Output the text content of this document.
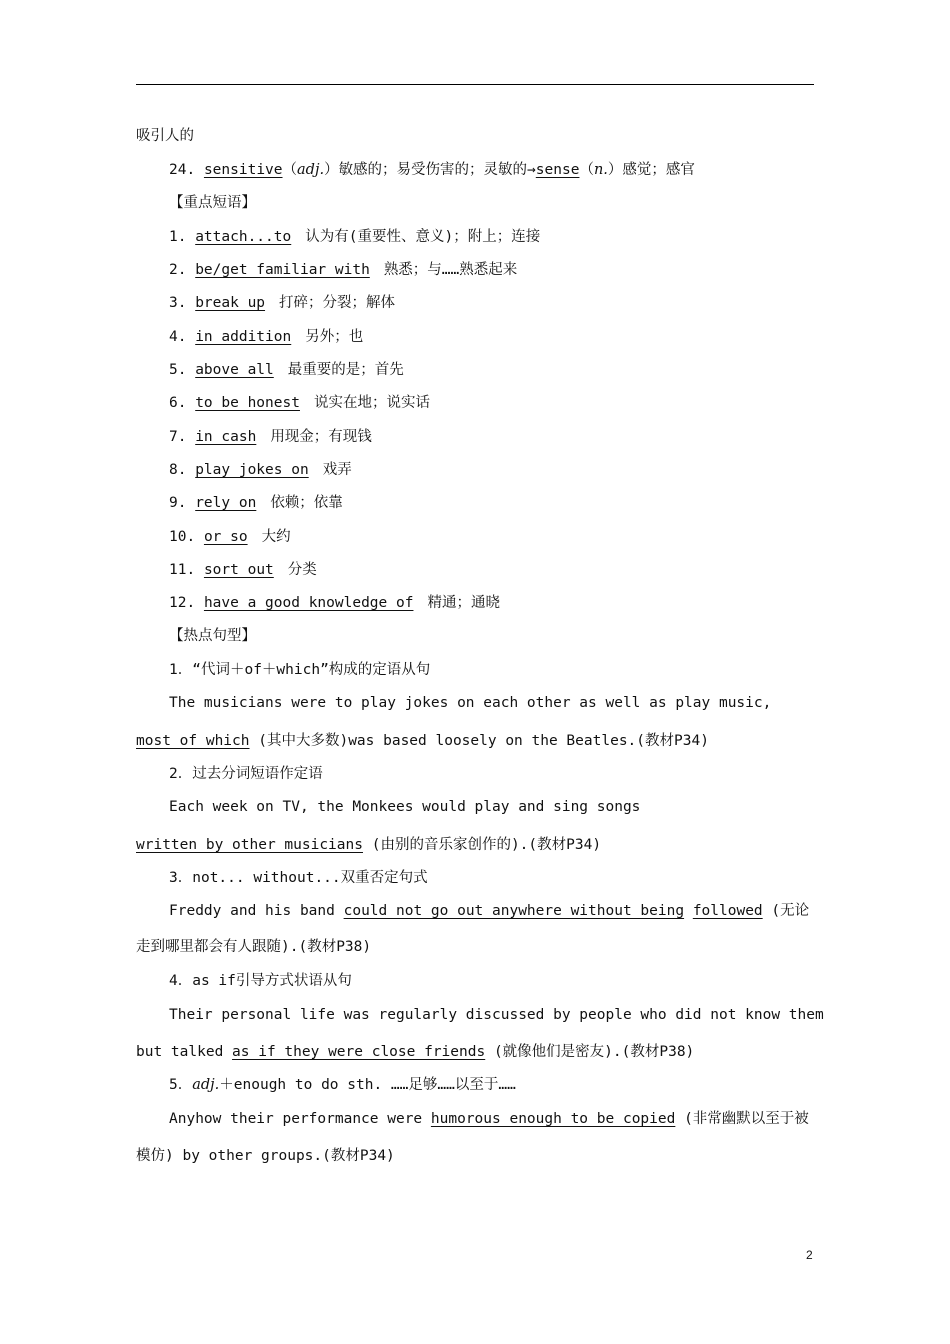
吸引人的
24. sensitive（adj.）敏感的；易受伤害的；灵敏的→sense（n.）感觉；感官
【重点短语】
1. attach...to 认为有(重要性、意义)；附上；连接
2. be/get familiar with 熟悉；与……熟悉起来
3. break up 打碎；分裂；解体
4. in addition 另外；也
5. above all 最重要的是；首先
6. to be honest 说实在地；说实话
7. in cash 用现金；有现钱
8. play jokes on 戏弄
9. rely on 依赖；依靠
10. or so 大约
11. sort out 分类
12. have a good knowledge of 精通；通晓
【热点句型】
1．“代词＋of＋which”构成的定语从句
The musicians were to play jokes on each other as well as play music,
most of which (其中大多数)was based loosely on the Beatles.(教材P34)
2．过去分词短语作定语
Each week on TV, the Monkees would play and sing songs
written by other musicians (由别的音乐家创作的).(教材P34)
3．not... without...双重否定句式
Freddy and his band could not go out anywhere without being followed (无论
走到哪里都会有人跟随).(教材P38)
4．as if引导方式状语从句
Their personal life was regularly discussed by people who did not know them
but talked as if they were close friends (就像他们是密友).(教材P38)
5．adj.＋enough to do sth. ……足够……以至于……
Anyhow their performance were humorous enough to be copied (非常幽默以至于被
模仿) by other groups.(教材P34)
2
